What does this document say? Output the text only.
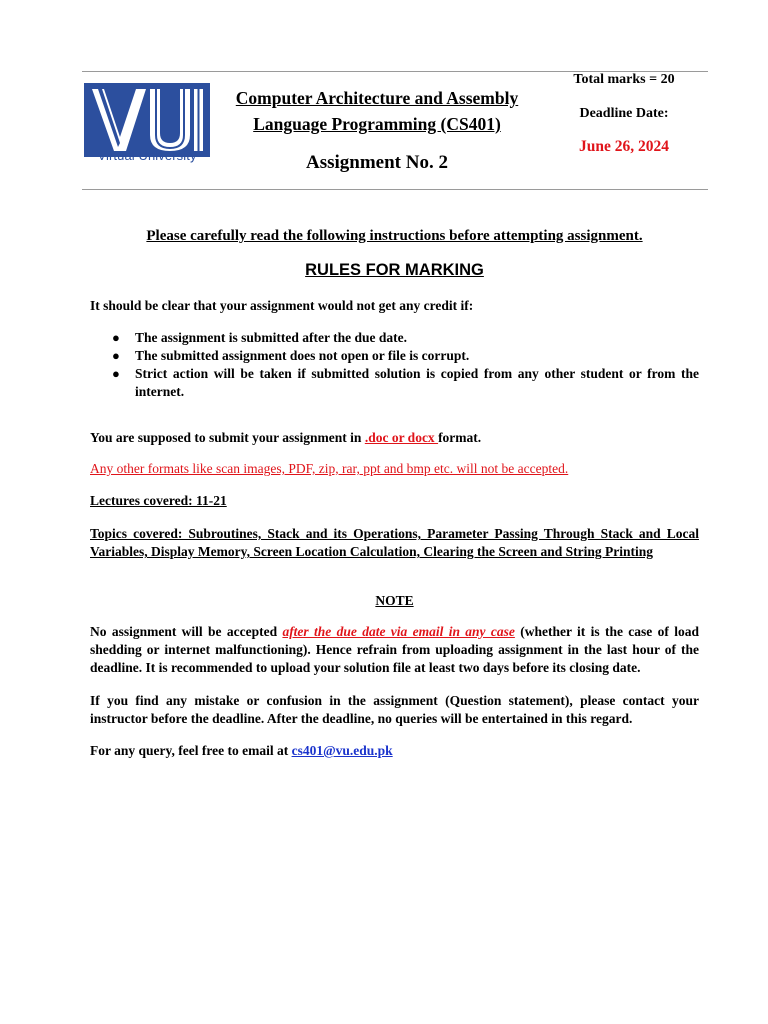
Virtual University
Computer Architecture and Assembly
Language Programming (CS401)
Assignment No. 2
Total marks = 20
Deadline Date:
June 26, 2024
Please carefully read the following instructions before attempting assignment.
RULES FOR MARKING
It should be clear that your assignment would not get any credit if:
● The assignment is submitted after the due date.
● The submitted assignment does not open or file is corrupt.
● Strict action will be taken if submitted solution is copied from any other student or from the internet.
You are supposed to submit your assignment in .doc or docx format.
Any other formats like scan images, PDF, zip, rar, ppt and bmp etc. will not be accepted.
Lectures covered: 11-21
Topics covered: Subroutines, Stack and its Operations, Parameter Passing Through Stack and Local Variables, Display Memory, Screen Location Calculation, Clearing the Screen and String Printing
NOTE
No assignment will be accepted after the due date via email in any case (whether it is the case of load shedding or internet malfunctioning). Hence refrain from uploading assignment in the last hour of the deadline. It is recommended to upload your solution file at least two days before its closing date.
If you find any mistake or confusion in the assignment (Question statement), please contact your instructor before the deadline. After the deadline, no queries will be entertained in this regard.
For any query, feel free to email at cs401@vu.edu.pk
